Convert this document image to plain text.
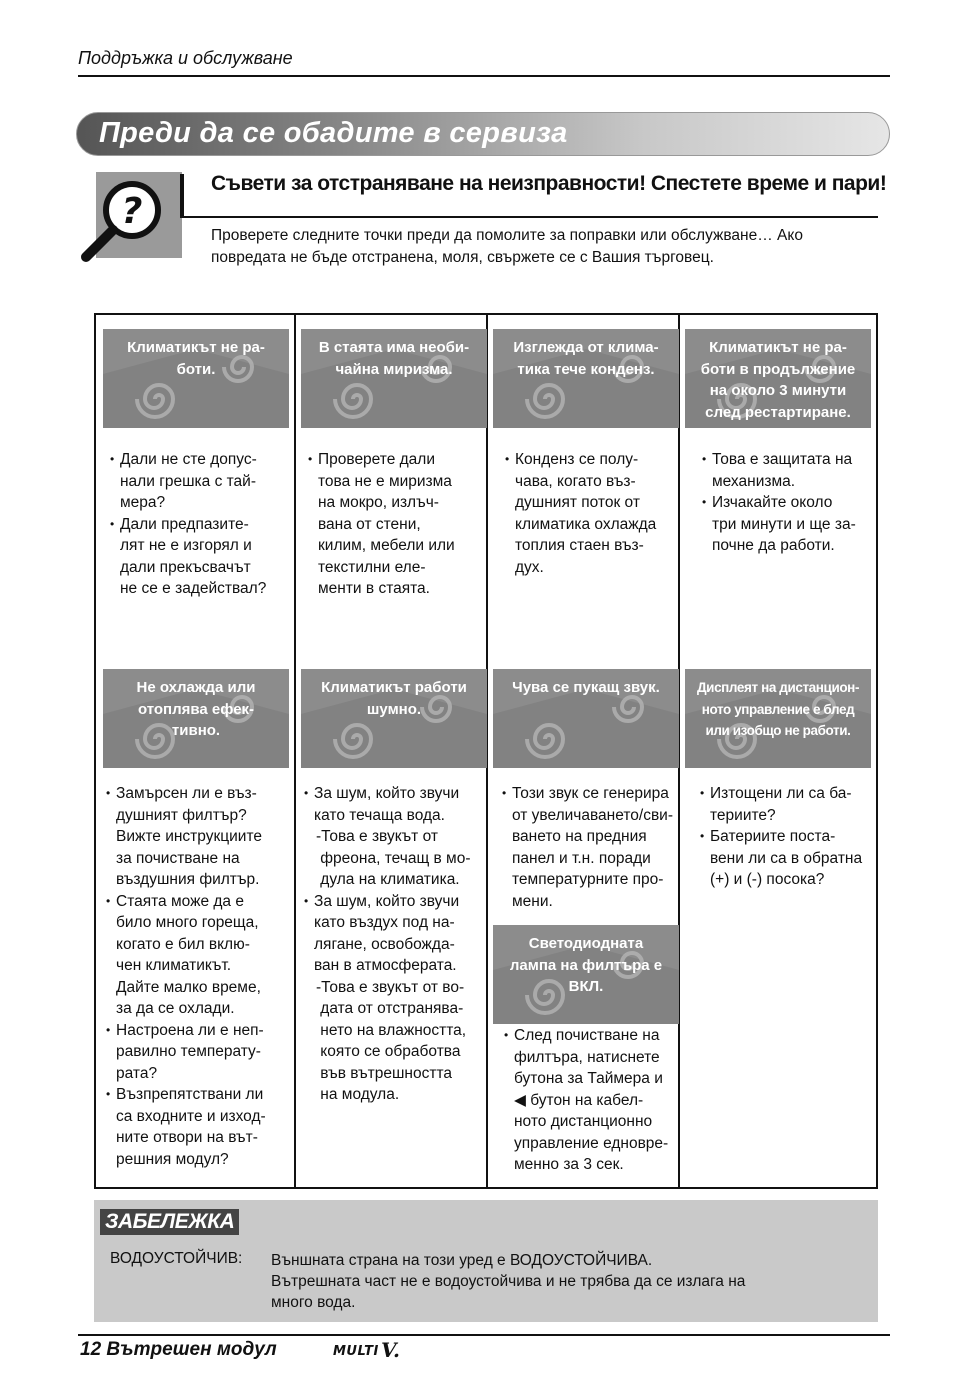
Поддръжка и обслужване
Преди да се обадите в сервиза
?
Съвети за отстраняване на неизправности! Спестете време и пари!
Проверете следните точки преди да помолите за поправки или обслужване… Ако
повредата не бъде отстранена, моля, свържете се с Вашия търговец.
Климатикът не ра-
боти.
• Дали не сте допус-
нали грешка с тай-
мера?
• Дали предпазите-
лят не е изгорял и
дали прекъсвачът
не се е задействал?
В стаята има необи-
чайна миризма.
• Проверете дали
това не е миризма
на мокро, излъч-
вана от стени,
килим, мебели или
текстилни еле-
менти в стаята.
Изглежда от клима-
тика тече конденз.
• Конденз се полу-
чава, когато въз-
душният поток от
климатика охлажда
топлия стаен въз-
дух.
Климатикът не ра-
боти в продължение
на около 3 минути
след рестартиране.
• Това е защитата на
механизма.
• Изчакайте около
три минути и ще за-
почне да работи.
Не охлажда или
отоплява ефек-
тивно.
• Замърсен ли е въз-
душният филтър?
Вижте инструкциите
за почистване на
въздушния филтър.
• Стаята може да е
било много гореща,
когато е бил вклю-
чен климатикът.
Дайте малко време,
за да се охлади.
• Настроена ли е неп-
равилно температу-
рата?
• Възпрепятствани ли
са входните и изход-
ните отвори на вът-
решния модул?
Климатикът работи
шумно.
• За шум, който звучи
като течаща вода.
-Това е звукът от
фреона, течащ в мо-
дула на климатика.
• За шум, който звучи
като въздух под на-
лягане, освобожда-
ван в атмосферата.
-Това е звукът от во-
дата от отстранява-
нето на влажността,
която се обработва
във вътрешността
на модула.
Чува се пукащ звук.
• Този звук се генерира
от увеличаването/сви-
ването на предния
панел и т.н. поради
температурните про-
мени.
Дисплеят на дистанцион-
ното управление е блед
или изобщо не работи.
• Изтощени ли са ба-
териите?
• Батериите поста-
вени ли са в обратна
(+) и (-) посока?
Светодиодната
лампа на филтъра е
ВКЛ.
• След почистване на
филтъра, натиснете
бутона за Таймера и
◀ бутон на кабел-
ното дистанционно
управление едновре-
менно за 3 сек.
ЗАБЕЛЕЖКА
ВОДОУСТОЙЧИВ: Външната страна на този уред е ВОДОУСТОЙЧИВА.
Вътрешната част не е водоустойчива и не трябва да се излага на
много вода.
12 Вътрешен модул	MULTI V.
